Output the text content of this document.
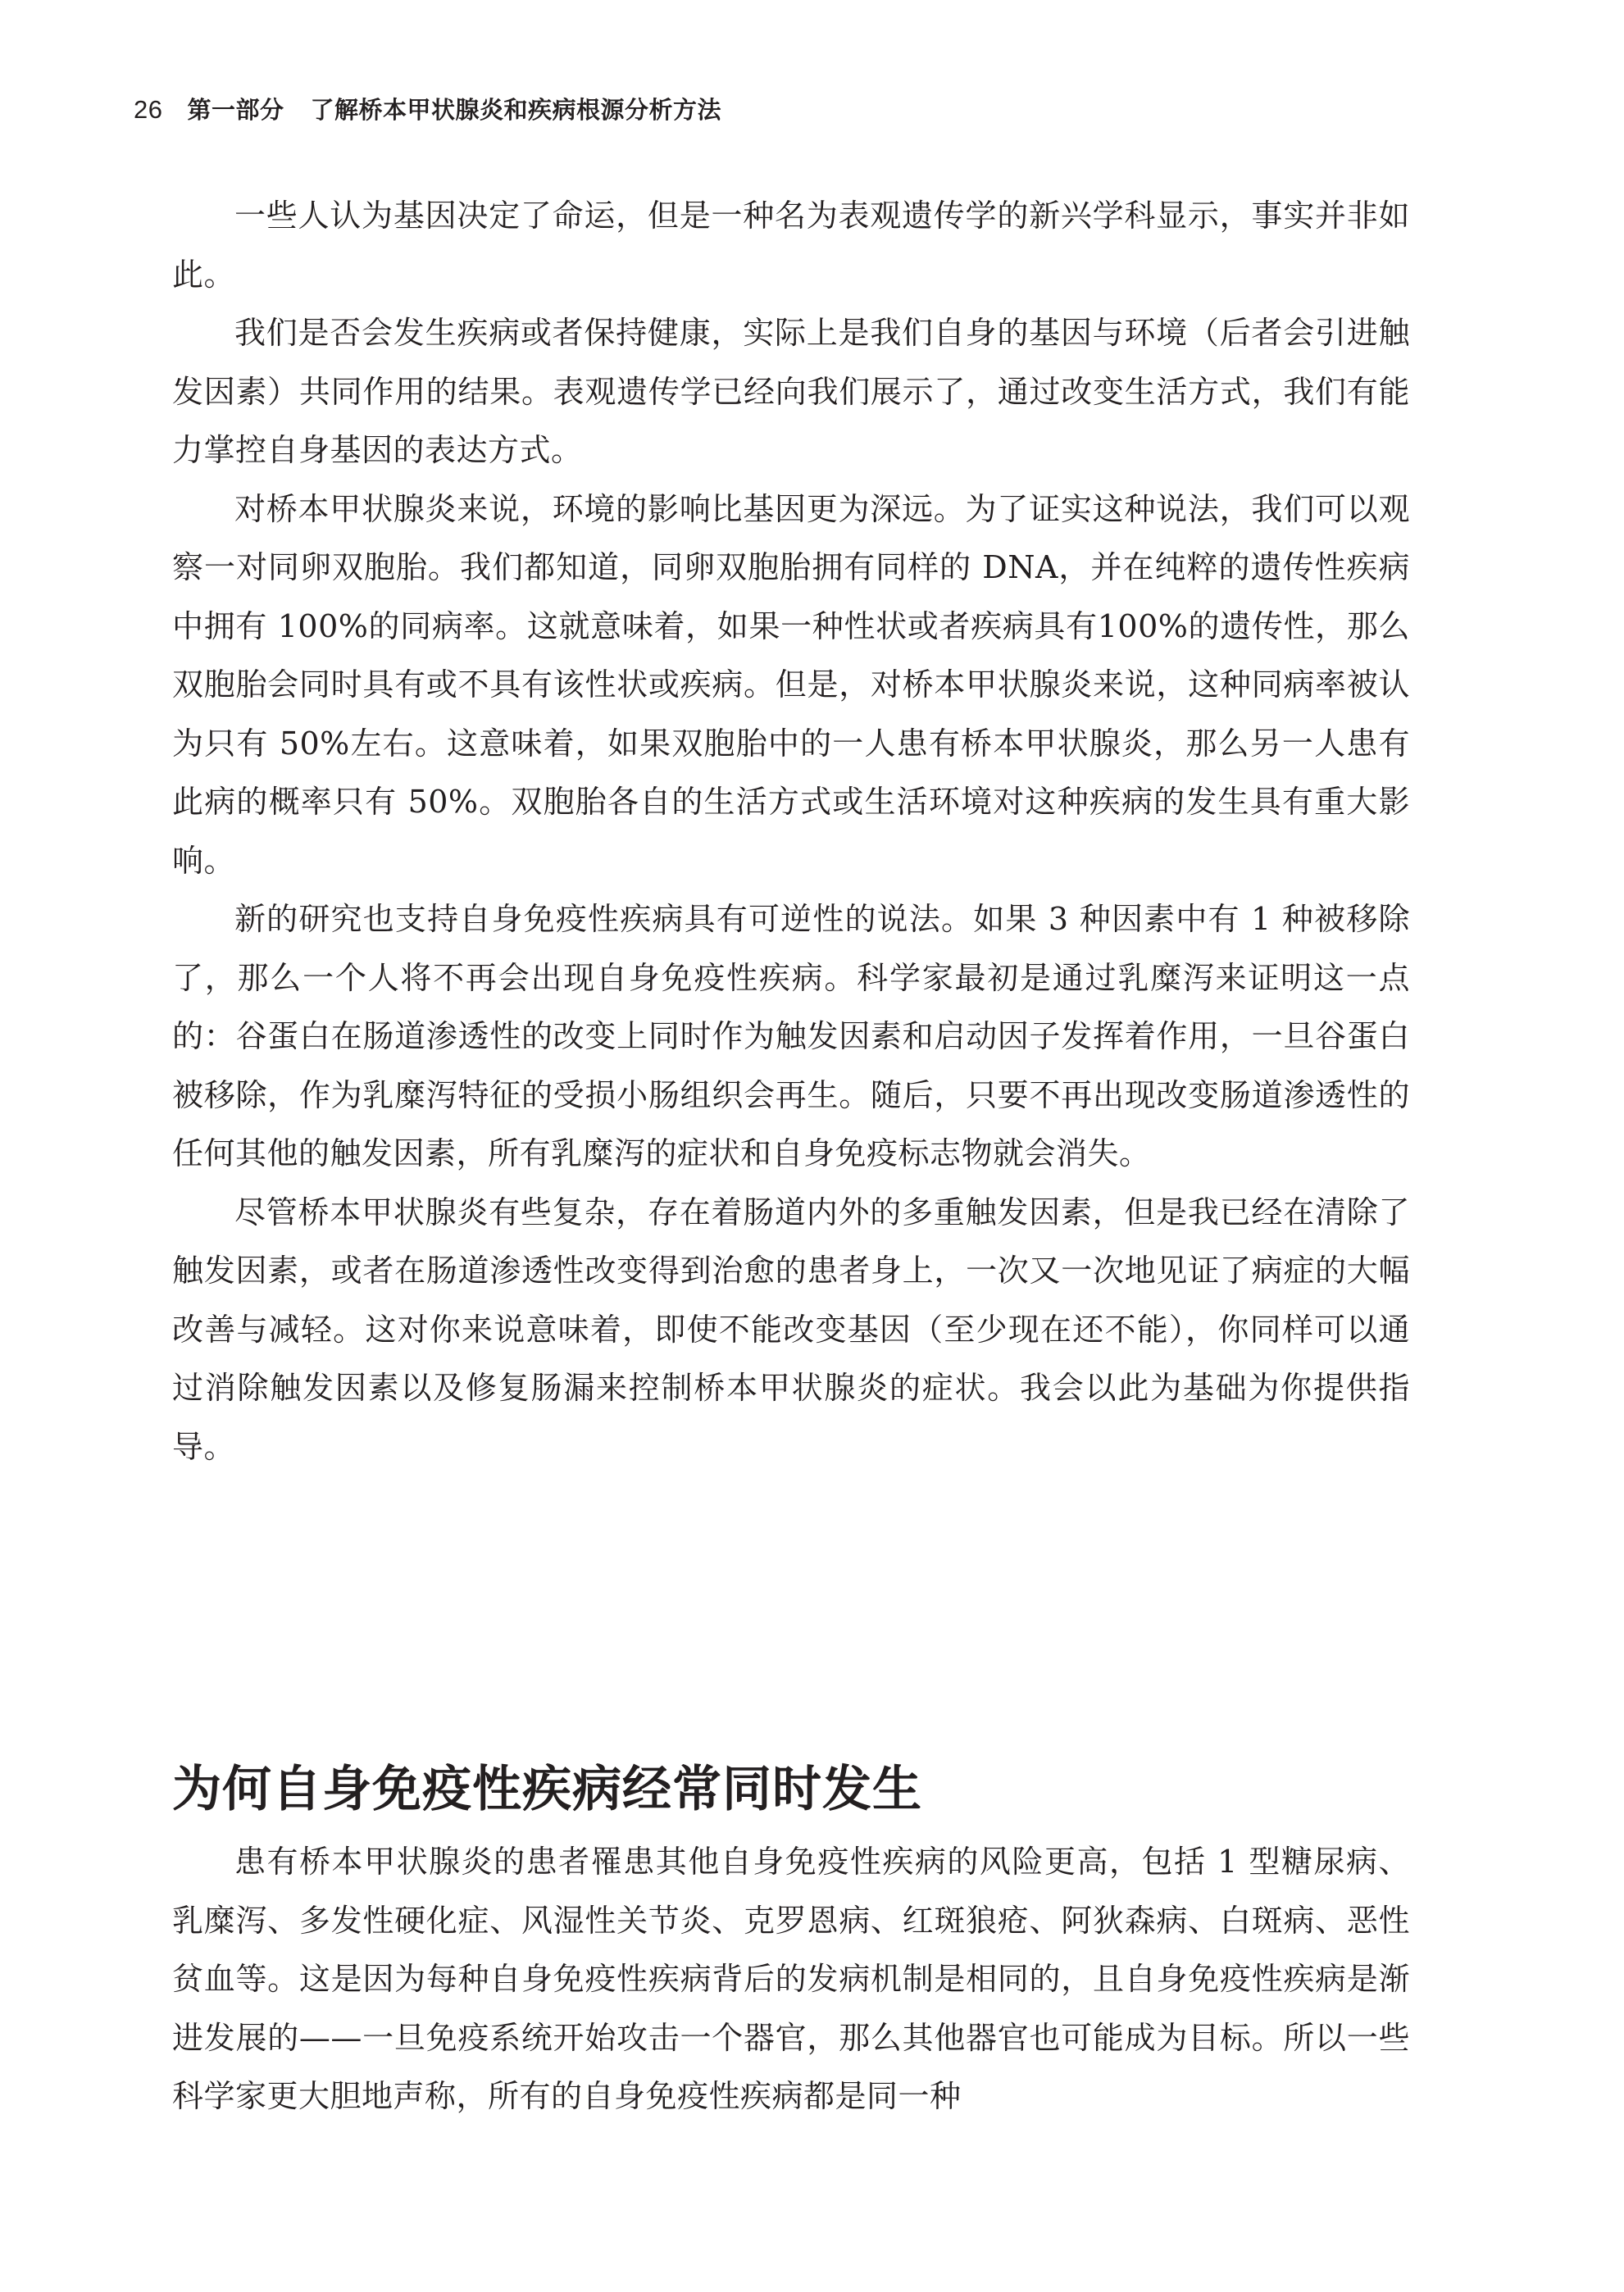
26 第一部分 了解桥本甲状腺炎和疾病根源分析方法

一些人认为基因决定了命运，但是一种名为表观遗传学的新兴学科显示，事实并非如此。

我们是否会发生疾病或者保持健康，实际上是我们自身的基因与环境（后者会引进触发因素）共同作用的结果。表观遗传学已经向我们展示了，通过改变生活方式，我们有能力掌控自身基因的表达方式。

对桥本甲状腺炎来说，环境的影响比基因更为深远。为了证实这种说法，我们可以观察一对同卵双胞胎。我们都知道，同卵双胞胎拥有同样的 DNA，并在纯粹的遗传性疾病中拥有 100%的同病率。这就意味着，如果一种性状或者疾病具有100%的遗传性，那么双胞胎会同时具有或不具有该性状或疾病。但是，对桥本甲状腺炎来说，这种同病率被认为只有 50%左右。这意味着，如果双胞胎中的一人患有桥本甲状腺炎，那么另一人患有此病的概率只有 50%。双胞胎各自的生活方式或生活环境对这种疾病的发生具有重大影响。

新的研究也支持自身免疫性疾病具有可逆性的说法。如果 3 种因素中有 1 种被移除了，那么一个人将不再会出现自身免疫性疾病。科学家最初是通过乳糜泻来证明这一点的：谷蛋白在肠道渗透性的改变上同时作为触发因素和启动因子发挥着作用，一旦谷蛋白被移除，作为乳糜泻特征的受损小肠组织会再生。随后，只要不再出现改变肠道渗透性的任何其他的触发因素，所有乳糜泻的症状和自身免疫标志物就会消失。

尽管桥本甲状腺炎有些复杂，存在着肠道内外的多重触发因素，但是我已经在清除了触发因素，或者在肠道渗透性改变得到治愈的患者身上，一次又一次地见证了病症的大幅改善与减轻。这对你来说意味着，即使不能改变基因（至少现在还不能），你同样可以通过消除触发因素以及修复肠漏来控制桥本甲状腺炎的症状。我会以此为基础为你提供指导。

为何自身免疫性疾病经常同时发生

患有桥本甲状腺炎的患者罹患其他自身免疫性疾病的风险更高，包括 1 型糖尿病、乳糜泻、多发性硬化症、风湿性关节炎、克罗恩病、红斑狼疮、阿狄森病、白斑病、恶性贫血等。这是因为每种自身免疫性疾病背后的发病机制是相同的，且自身免疫性疾病是渐进发展的——一旦免疫系统开始攻击一个器官，那么其他器官也可能成为目标。所以一些科学家更大胆地声称，所有的自身免疫性疾病都是同一种
